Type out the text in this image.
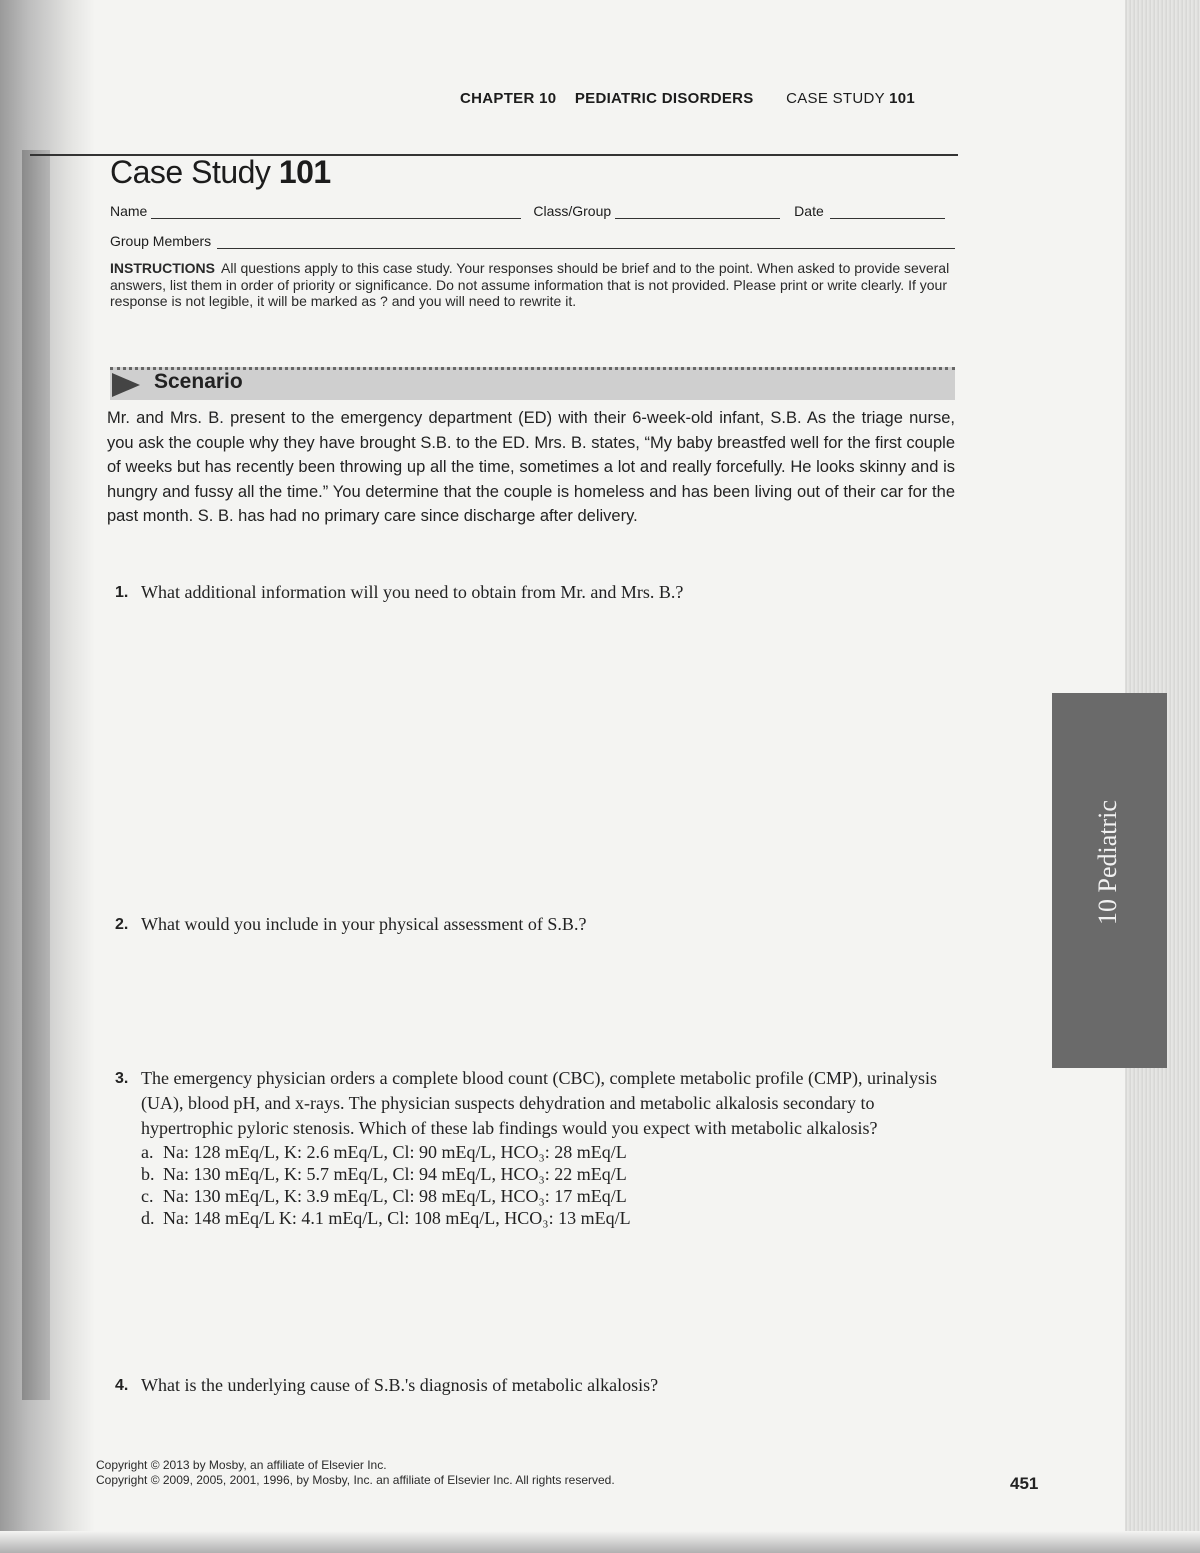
CHAPTER 10 PEDIATRIC DISORDERS CASE STUDY 101
Case Study 101
Name	Class/Group	Date
Group Members
INSTRUCTIONS All questions apply to this case study. Your responses should be brief and to the point. When asked to provide several answers, list them in order of priority or significance. Do not assume information that is not provided. Please print or write clearly. If your response is not legible, it will be marked as ? and you will need to rewrite it.
Scenario
Mr. and Mrs. B. present to the emergency department (ED) with their 6-week-old infant, S.B. As the triage nurse, you ask the couple why they have brought S.B. to the ED. Mrs. B. states, “My baby breastfed well for the first couple of weeks but has recently been throwing up all the time, sometimes a lot and really forcefully. He looks skinny and is hungry and fussy all the time.” You determine that the couple is homeless and has been living out of their car for the past month. S. B. has had no primary care since discharge after delivery.
1. What additional information will you need to obtain from Mr. and Mrs. B.?
2. What would you include in your physical assessment of S.B.?
3. The emergency physician orders a complete blood count (CBC), complete metabolic profile (CMP), urinalysis (UA), blood pH, and x-rays. The physician suspects dehydration and metabolic alkalosis secondary to hypertrophic pyloric stenosis. Which of these lab findings would you expect with metabolic alkalosis?
a. Na: 128 mEq/L, K: 2.6 mEq/L, Cl: 90 mEq/L, HCO₃: 28 mEq/L
b. Na: 130 mEq/L, K: 5.7 mEq/L, Cl: 94 mEq/L, HCO₃: 22 mEq/L
c. Na: 130 mEq/L, K: 3.9 mEq/L, Cl: 98 mEq/L, HCO₃: 17 mEq/L
d. Na: 148 mEq/L K: 4.1 mEq/L, Cl: 108 mEq/L, HCO₃: 13 mEq/L
4. What is the underlying cause of S.B.'s diagnosis of metabolic alkalosis?
10 Pediatric
Copyright © 2013 by Mosby, an affiliate of Elsevier Inc.
Copyright © 2009, 2005, 2001, 1996, by Mosby, Inc. an affiliate of Elsevier Inc. All rights reserved.	451
